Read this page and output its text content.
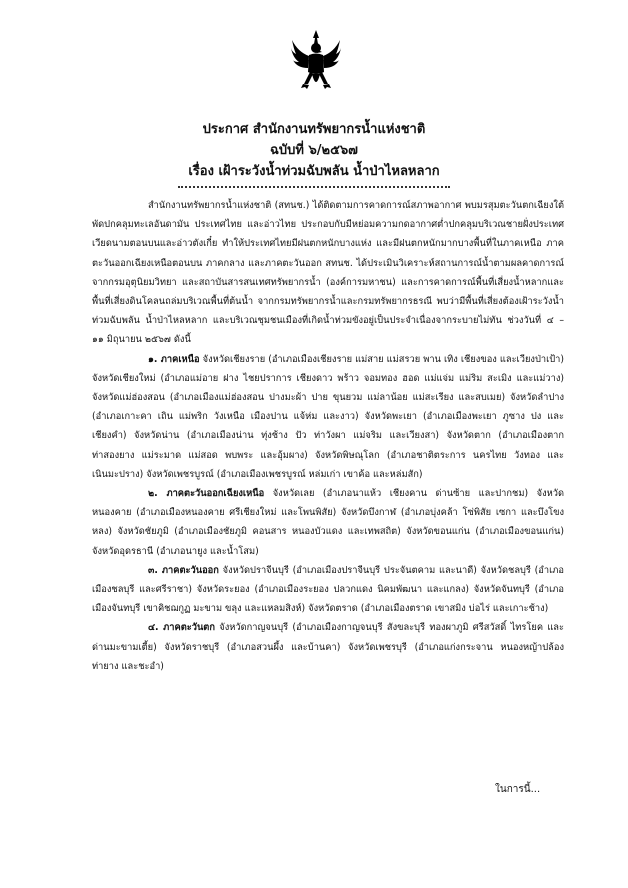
ประกาศ สำนักงานทรัพยากรน้ำแห่งชาติ
ฉบับที่ ๖/๒๕๖๗
เรื่อง เฝ้าระวังน้ำท่วมฉับพลัน น้ำป่าไหลหลาก

สำนักงานทรัพยากรน้ำแห่งชาติ (สทนช.) ได้ติดตามการคาดการณ์สภาพอากาศ พบมรสุมตะวันตกเฉียงใต้พัดปกคลุมทะเลอันดามัน ประเทศไทย และอ่าวไทย ประกอบกับมีหย่อมความกดอากาศต่ำปกคลุมบริเวณชายฝั่งประเทศเวียดนามตอนบนและอ่าวตังเกี๋ย ทำให้ประเทศไทยมีฝนตกหนักบางแห่ง และมีฝนตกหนักมากบางพื้นที่ในภาคเหนือ ภาคตะวันออกเฉียงเหนือตอนบน ภาคกลาง และภาคตะวันออก สทนช. ได้ประเมินวิเคราะห์สถานการณ์น้ำตามผลคาดการณ์จากกรมอุตุนิยมวิทยา และสถาบันสารสนเทศทรัพยากรน้ำ (องค์การมหาชน) และการคาดการณ์พื้นที่เสี่ยงน้ำหลากและพื้นที่เสี่ยงดินโคลนถล่มบริเวณพื้นที่ต้นน้ำ จากกรมทรัพยากรน้ำและกรมทรัพยากรธรณี พบว่ามีพื้นที่เสี่ยงต้องเฝ้าระวังน้ำท่วมฉับพลัน น้ำป่าไหลหลาก และบริเวณชุมชนเมืองที่เกิดน้ำท่วมขังอยู่เป็นประจำเนื่องจากระบายไม่ทัน ช่วงวันที่ ๔ – ๑๑ มิถุนายน ๒๕๖๗ ดังนี้

๑. ภาคเหนือ จังหวัดเชียงราย (อำเภอเมืองเชียงราย แม่สาย แม่สรวย พาน เทิง เชียงของ และเวียงป่าเป้า) จังหวัดเชียงใหม่ (อำเภอแม่อาย ฝาง ไชยปราการ เชียงดาว พร้าว จอมทอง ฮอด แม่แจ่ม แม่ริม สะเมิง และแม่วาง) จังหวัดแม่ฮ่องสอน (อำเภอเมืองแม่ฮ่องสอน ปางมะผ้า ปาย ขุนยวม แม่ลาน้อย แม่สะเรียง และสบเมย) จังหวัดลำปาง (อำเภอเกาะคา เถิน แม่พริก วังเหนือ เมืองปาน แจ้ห่ม และงาว) จังหวัดพะเยา (อำเภอเมืองพะเยา ภูซาง ปง และเชียงคำ) จังหวัดน่าน (อำเภอเมืองน่าน ทุ่งช้าง ปัว ท่าวังผา แม่จริม และเวียงสา) จังหวัดตาก (อำเภอเมืองตาก ท่าสองยาง แม่ระมาด แม่สอด พบพระ และอุ้มผาง) จังหวัดพิษณุโลก (อำเภอชาติตระการ นครไทย วังทอง และเนินมะปราง) จังหวัดเพชรบูรณ์ (อำเภอเมืองเพชรบูรณ์ หล่มเก่า เขาค้อ และหล่มสัก)

๒. ภาคตะวันออกเฉียงเหนือ จังหวัดเลย (อำเภอนาแห้ว เชียงคาน ด่านซ้าย และปากชม) จังหวัดหนองคาย (อำเภอเมืองหนองคาย ศรีเชียงใหม่ และโพนพิสัย) จังหวัดบึงกาฬ (อำเภอบุ่งคล้า โซ่พิสัย เซกา และบึงโขงหลง) จังหวัดชัยภูมิ (อำเภอเมืองชัยภูมิ คอนสาร หนองบัวแดง และเทพสถิต) จังหวัดขอนแก่น (อำเภอเมืองขอนแก่น) จังหวัดอุดรธานี (อำเภอนายูง และน้ำโสม)

๓. ภาคตะวันออก จังหวัดปราจีนบุรี (อำเภอเมืองปราจีนบุรี ประจันตคาม และนาดี) จังหวัดชลบุรี (อำเภอเมืองชลบุรี และศรีราชา) จังหวัดระยอง (อำเภอเมืองระยอง ปลวกแดง นิคมพัฒนา และแกลง) จังหวัดจันทบุรี (อำเภอเมืองจันทบุรี เขาคิชฌกูฏ มะขาม ขลุง และแหลมสิงห์) จังหวัดตราด (อำเภอเมืองตราด เขาสมิง บ่อไร่ และเกาะช้าง)

๔. ภาคตะวันตก จังหวัดกาญจนบุรี (อำเภอเมืองกาญจนบุรี สังขละบุรี ทองผาภูมิ ศรีสวัสดิ์ ไทรโยค และด่านมะขามเตี้ย) จังหวัดราชบุรี (อำเภอสวนผึ้ง และบ้านคา) จังหวัดเพชรบุรี (อำเภอแก่งกระจาน หนองหญ้าปล้อง ท่ายาง และชะอำ)

ในการนี้...
